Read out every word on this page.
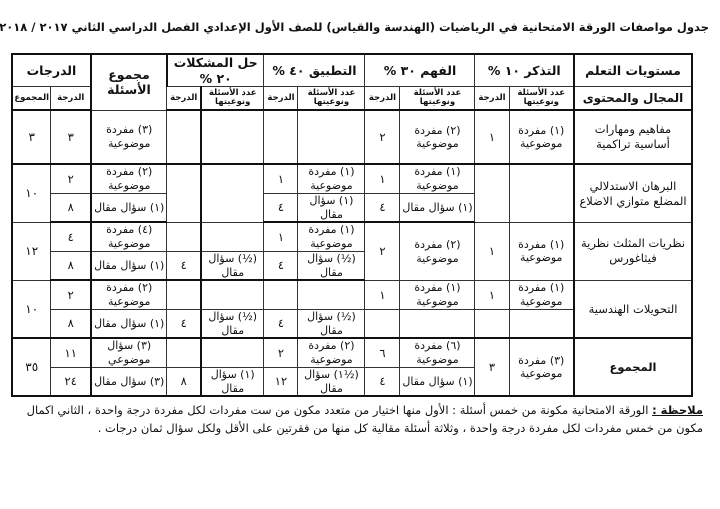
جدول مواصفات الورقة الامتحانية في الرياضيات (الهندسة والقياس) للصف الأول الإعدادي الفصل الدراسي الثاني ٢٠١٧ / ٢٠١٨
مستويات التعلم	التذكر ١٠ %		الفهم ٣٠ %		التطبيق ٤٠ %		حل المشكلات ٢٠ %		مجموع الأسئلة	الدرجات	
المجال والمحتوى	عدد الأسئلة ونوعيتها	الدرجة	عدد الأسئلة ونوعيتها	الدرجة	عدد الأسئلة ونوعيتها	الدرجة	عدد الأسئلة ونوعيتها	الدرجة		الدرجة	المجموع
مفاهيم ومهارات أساسية تراكمية	(١) مفردة موضوعية	١	(٢) مفردة موضوعية	٢					(٣) مفردة موضوعية	٣	٣
البرهان الاستدلالي المضلع متوازي الاضلاع			(١) مفردة موضوعية	١	(١) مفردة موضوعية	١			(٢) مفردة موضوعية	٢	١٠
			(١) سؤال مقال	٤	(١) سؤال مقال	٤			(١) سؤال مقال	٨	
نظريات المثلث نظرية فيثاغورس	(١) مفردة موضوعية	١	(٢) مفردة موضوعية	٢	(١) مفردة موضوعية	١			(٤) مفردة موضوعية	٤	١٢
					(½) سؤال مقال	٤	(½) سؤال مقال	٤	(١) سؤال مقال	٨	
التحويلات الهندسية	(١) مفردة موضوعية	١	(١) مفردة موضوعية	١					(٢) مفردة موضوعية	٢	١٠
					(½) سؤال مقال	٤	(½) سؤال مقال	٤	(١) سؤال مقال	٨	
المجموع	(٣) مفردة موضوعية	٣	(٦) مفردة موضوعية	٦	(٢) مفردة موضوعية	٢			(٣) سؤال موضوعي	١١	٣٥
			(١) سؤال مقال	٤	(½١) سؤال مقال	١٢	(١) سؤال مقال	٨	(٣) سؤال مقال	٢٤	
ملاحظة : الورقة الامتحانية مكونة من خمس أسئلة : الأول منها اختيار من متعدد مكون من ست مفردات لكل مفردة درجة واحدة ، الثاني اكمال مكون من خمس مفردات لكل مفردة درجة واحدة ، وثلاثة أسئلة مقالية كل منها من فقرتين على الأقل ولكل سؤال ثمان درجات .
